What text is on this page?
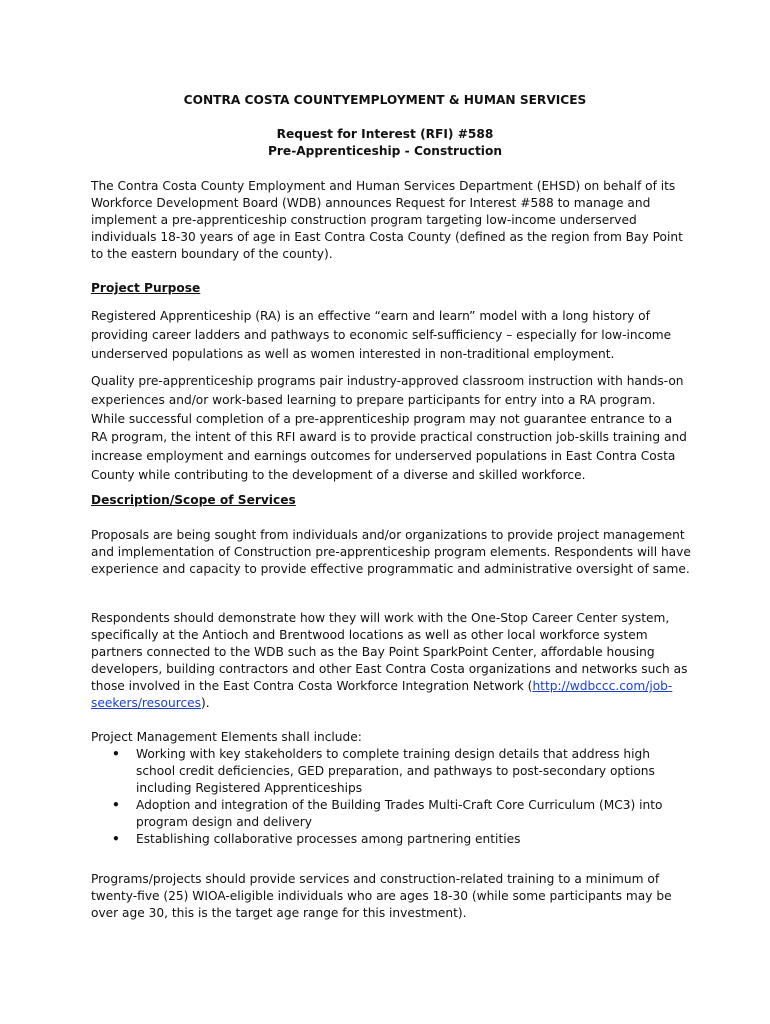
CONTRA COSTA COUNTYEMPLOYMENT & HUMAN SERVICES
Request for Interest (RFI) #588
Pre-Apprenticeship - Construction

The Contra Costa County Employment and Human Services Department (EHSD) on behalf of its Workforce Development Board (WDB) announces Request for Interest #588 to manage and implement a pre-apprenticeship construction program targeting low-income underserved individuals 18-30 years of age in East Contra Costa County (defined as the region from Bay Point to the eastern boundary of the county).

Project Purpose

Registered Apprenticeship (RA) is an effective “earn and learn” model with a long history of providing career ladders and pathways to economic self-sufficiency – especially for low-income underserved populations as well as women interested in non-traditional employment.

Quality pre-apprenticeship programs pair industry-approved classroom instruction with hands-on experiences and/or work-based learning to prepare participants for entry into a RA program. While successful completion of a pre-apprenticeship program may not guarantee entrance to a RA program, the intent of this RFI award is to provide practical construction job-skills training and increase employment and earnings outcomes for underserved populations in East Contra Costa County while contributing to the development of a diverse and skilled workforce.

Description/Scope of Services

Proposals are being sought from individuals and/or organizations to provide project management and implementation of Construction pre-apprenticeship program elements. Respondents will have experience and capacity to provide effective programmatic and administrative oversight of same.

Respondents should demonstrate how they will work with the One-Stop Career Center system, specifically at the Antioch and Brentwood locations as well as other local workforce system partners connected to the WDB such as the Bay Point SparkPoint Center, affordable housing developers, building contractors and other East Contra Costa organizations and networks such as those involved in the East Contra Costa Workforce Integration Network (http://wdbccc.com/job-seekers/resources).

Project Management Elements shall include:

• Working with key stakeholders to complete training design details that address high school credit deficiencies, GED preparation, and pathways to post-secondary options including Registered Apprenticeships
• Adoption and integration of the Building Trades Multi-Craft Core Curriculum (MC3) into program design and delivery
• Establishing collaborative processes among partnering entities

Programs/projects should provide services and construction-related training to a minimum of twenty-five (25) WIOA-eligible individuals who are ages 18-30 (while some participants may be over age 30, this is the target age range for this investment).
